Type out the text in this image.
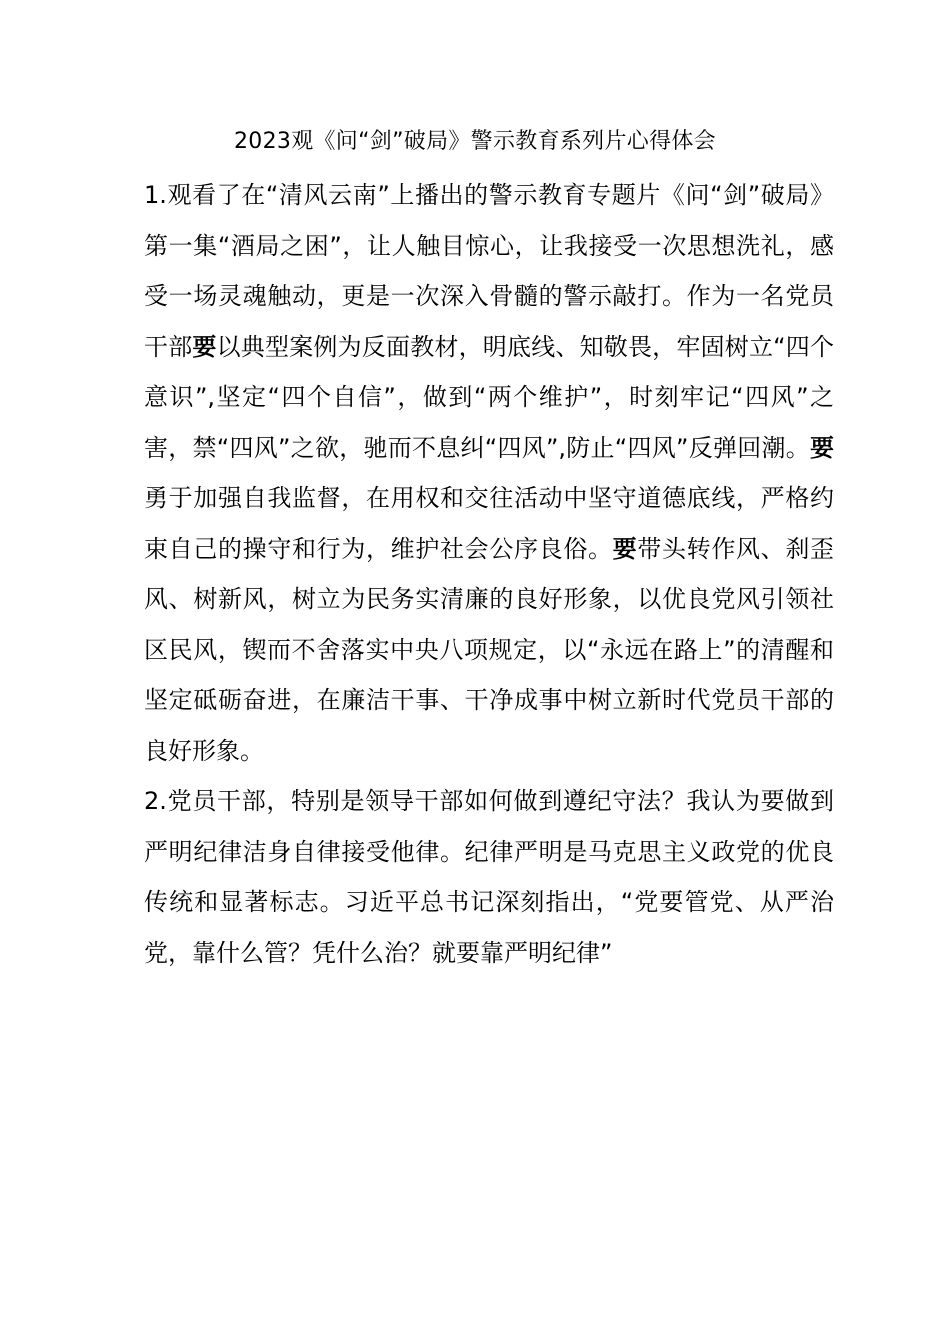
2023观《问“剑”破局》警示教育系列片心得体会

1.观看了在“清风云南”上播出的警示教育专题片《问“剑”破局》第一集“酒局之困”，让人触目惊心，让我接受一次思想洗礼，感受一场灵魂触动，更是一次深入骨髓的警示敲打。作为一名党员干部要以典型案例为反面教材，明底线、知敬畏，牢固树立“四个意识”,坚定“四个自信”，做到“两个维护”，时刻牢记“四风”之害，禁“四风”之欲，驰而不息纠“四风”,防止“四风”反弹回潮。要勇于加强自我监督，在用权和交往活动中坚守道德底线，严格约束自己的操守和行为，维护社会公序良俗。要带头转作风、刹歪风、树新风，树立为民务实清廉的良好形象，以优良党风引领社区民风，锲而不舍落实中央八项规定，以“永远在路上”的清醒和坚定砥砺奋进，在廉洁干事、干净成事中树立新时代党员干部的良好形象。

2.党员干部，特别是领导干部如何做到遵纪守法？我认为要做到严明纪律洁身自律接受他律。纪律严明是马克思主义政党的优良传统和显著标志。习近平总书记深刻指出，“党要管党、从严治党，靠什么管？凭什么治？就要靠严明纪律”
